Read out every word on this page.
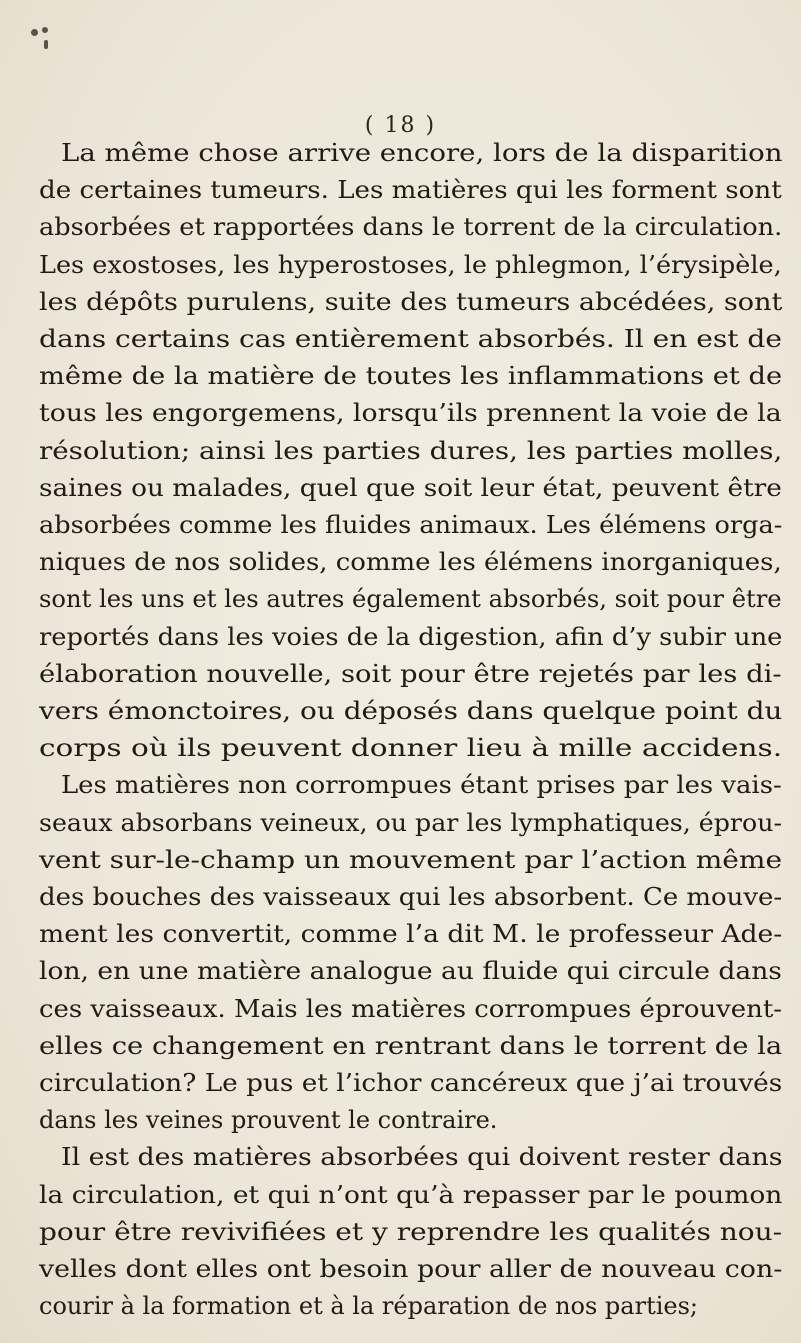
( 18 )
La même chose arrive encore, lors de la disparition
de certaines tumeurs. Les matières qui les forment sont
absorbées et rapportées dans le torrent de la circulation.
Les exostoses, les hyperostoses, le phlegmon, l’érysipèle,
les dépôts purulens, suite des tumeurs abcédées, sont
dans certains cas entièrement absorbés. Il en est de
même de la matière de toutes les inflammations et de
tous les engorgemens, lorsqu’ils prennent la voie de la
résolution; ainsi les parties dures, les parties molles,
saines ou malades, quel que soit leur état, peuvent être
absorbées comme les fluides animaux. Les élémens orga-
niques de nos solides, comme les élémens inorganiques,
sont les uns et les autres également absorbés, soit pour être
reportés dans les voies de la digestion, afin d’y subir une
élaboration nouvelle, soit pour être rejetés par les di-
vers émonctoires, ou déposés dans quelque point du
corps où ils peuvent donner lieu à mille accidens.
Les matières non corrompues étant prises par les vais-
seaux absorbans veineux, ou par les lymphatiques, éprou-
vent sur-le-champ un mouvement par l’action même
des bouches des vaisseaux qui les absorbent. Ce mouve-
ment les convertit, comme l’a dit M. le professeur Ade-
lon, en une matière analogue au fluide qui circule dans
ces vaisseaux. Mais les matières corrompues éprouvent-
elles ce changement en rentrant dans le torrent de la
circulation? Le pus et l’ichor cancéreux que j’ai trouvés
dans les veines prouvent le contraire.
Il est des matières absorbées qui doivent rester dans
la circulation, et qui n’ont qu’à repasser par le poumon
pour être revivifiées et y reprendre les qualités nou-
velles dont elles ont besoin pour aller de nouveau con-
courir à la formation et à la réparation de nos parties;
